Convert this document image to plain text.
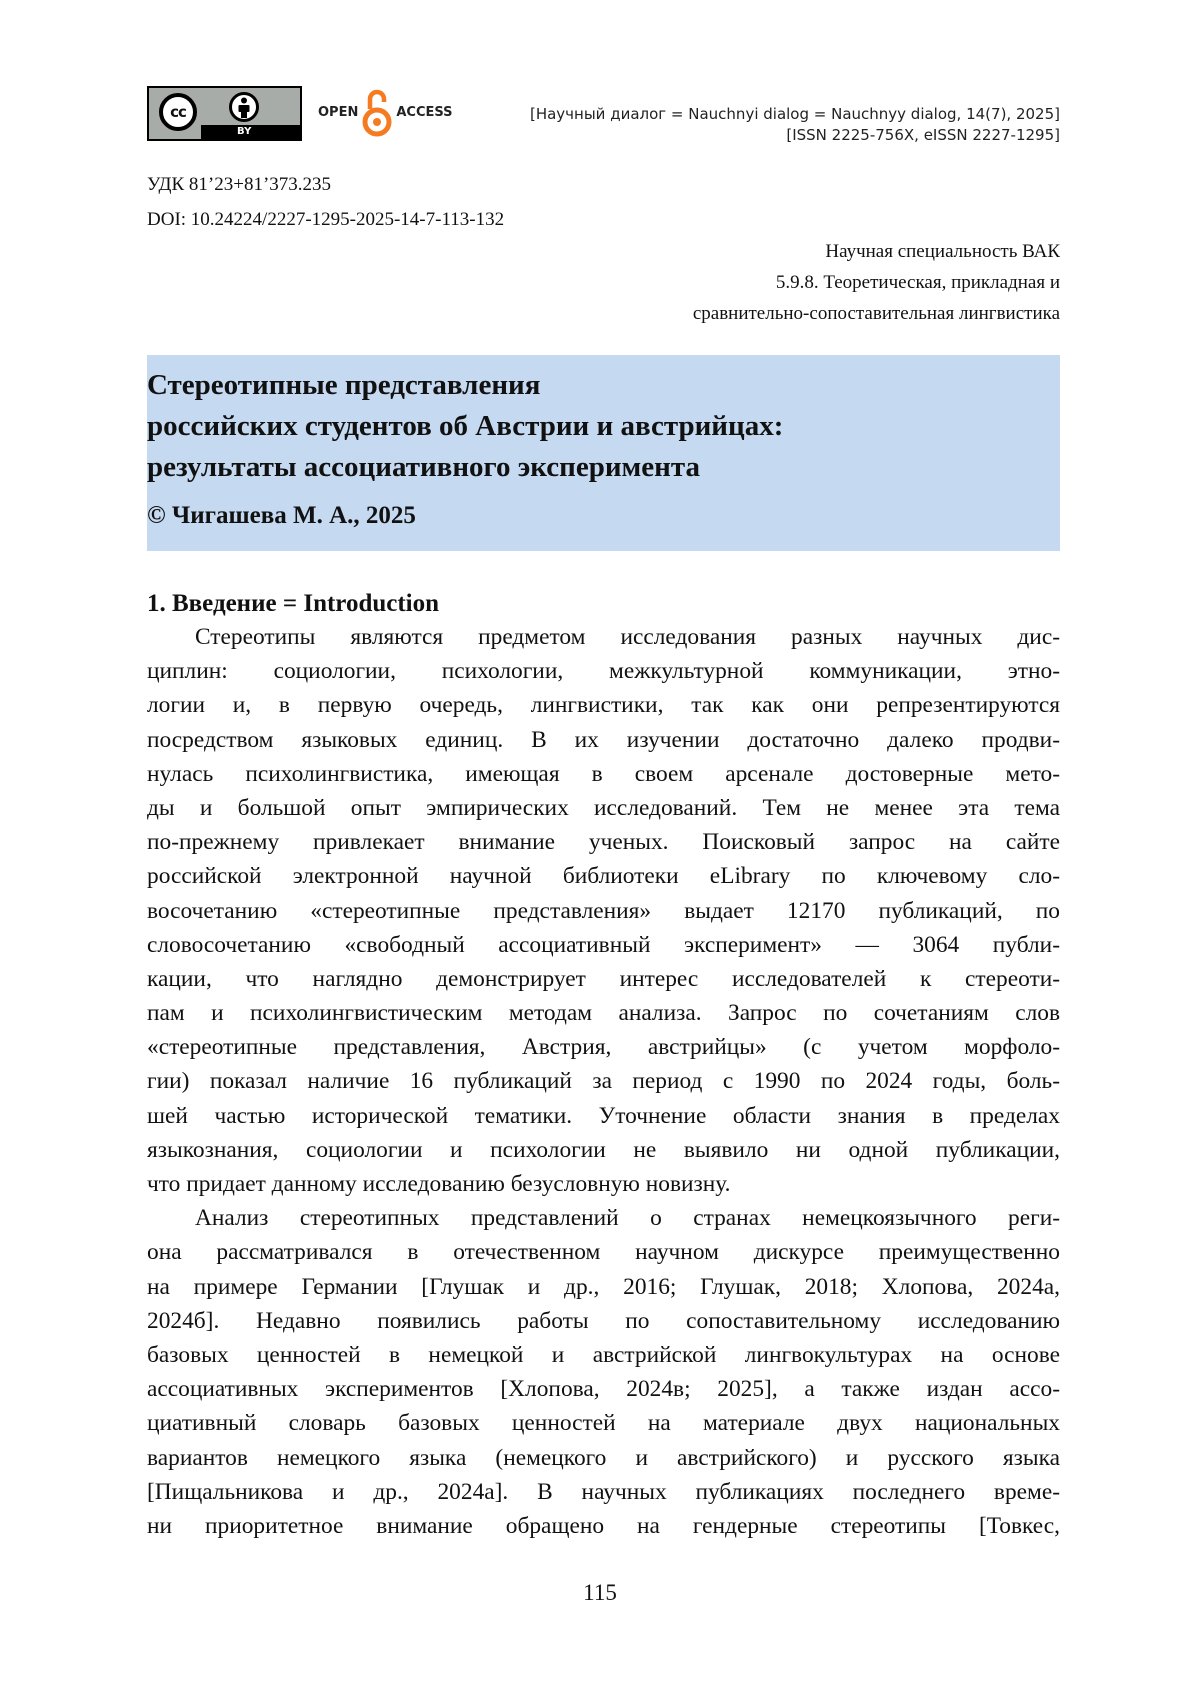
cc
BY
OPEN	ACCESS	[Научный диалог = Nauchnyi dialog = Nauchnyy dialog, 14(7), 2025]
[ISSN 2225-756X, eISSN 2227-1295]
УДК 81’23+81’373.235
DOI: 10.24224/2227-1295-2025-14-7-113-132
Научная специальность ВАК
5.9.8. Теоретическая, прикладная и
сравнительно-сопоставительная лингвистика
Стереотипные представления
российских студентов об Австрии и австрийцах:
результаты ассоциативного эксперимента
© Чигашева М. А., 2025
1. Введение = Introduction
Стереотипы являются предметом исследования разных научных дис-
циплин: социологии, психологии, межкультурной коммуникации, этно-
логии и, в первую очередь, лингвистики, так как они репрезентируются
посредством языковых единиц. В их изучении достаточно далеко продви-
нулась психолингвистика, имеющая в своем арсенале достоверные мето-
ды и большой опыт эмпирических исследований. Тем не менее эта тема
по-прежнему привлекает внимание ученых. Поисковый запрос на сайте
российской электронной научной библиотеки eLibrary по ключевому сло-
восочетанию «стереотипные представления» выдает 12170 публикаций, по
словосочетанию «свободный ассоциативный эксперимент» — 3064 публи-
кации, что наглядно демонстрирует интерес исследователей к стереоти-
пам и психолингвистическим методам анализа. Запрос по сочетаниям слов
«стереотипные представления, Австрия, австрийцы» (с учетом морфоло-
гии) показал наличие 16 публикаций за период с 1990 по 2024 годы, боль-
шей частью исторической тематики. Уточнение области знания в пределах
языкознания, социологии и психологии не выявило ни одной публикации,
что придает данному исследованию безусловную новизну.
Анализ стереотипных представлений о странах немецкоязычного реги-
она рассматривался в отечественном научном дискурсе преимущественно
на примере Германии [Глушак и др., 2016; Глушак, 2018; Хлопова, 2024а,
2024б]. Недавно появились работы по сопоставительному исследованию
базовых ценностей в немецкой и австрийской лингвокультурах на основе
ассоциативных экспериментов [Хлопова, 2024в; 2025], а также издан ассо-
циативный словарь базовых ценностей на материале двух национальных
вариантов немецкого языка (немецкого и австрийского) и русского языка
[Пищальникова и др., 2024а]. В научных публикациях последнего време-
ни приоритетное внимание обращено на гендерные стереотипы [Товкес,
115
